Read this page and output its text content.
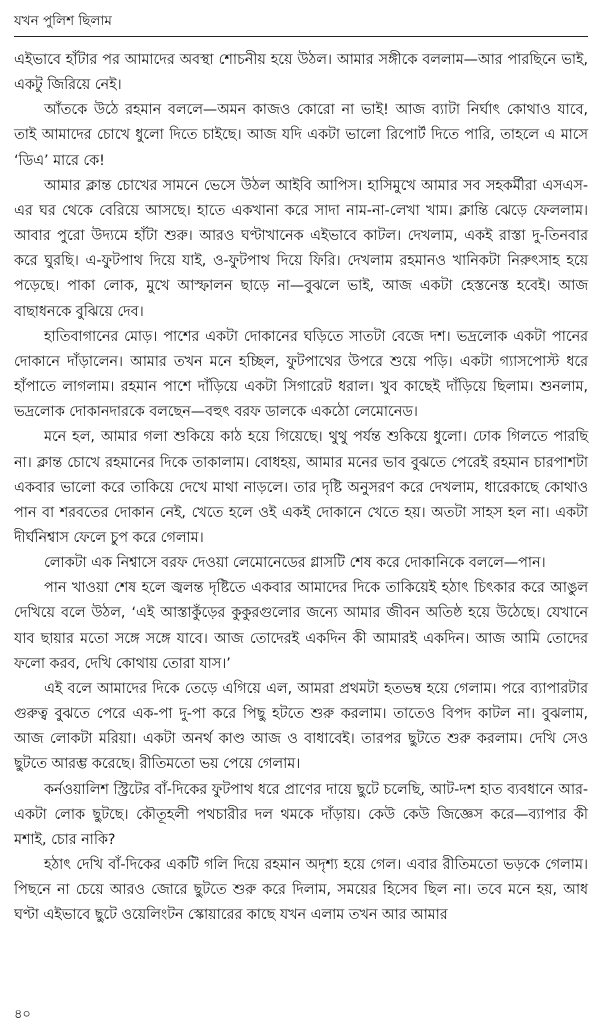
যখন পুলিশ ছিলাম

এইভাবে হাঁটার পর আমাদের অবস্থা শোচনীয় হয়ে উঠল। আমার সঙ্গীকে বললাম—আর পারছিনে ভাই, একটু জিরিয়ে নেই।

আঁতকে উঠে রহমান বললে—অমন কাজও কোরো না ভাই! আজ ব্যাটা নির্ঘাৎ কোথাও যাবে, তাই আমাদের চোখে ধুলো দিতে চাইছে। আজ যদি একটা ভালো রিপোর্ট দিতে পারি, তাহলে এ মাসে ‘ডিএ’ মারে কে!

আমার ক্লান্ত চোখের সামনে ভেসে উঠল আইবি আপিস। হাসিমুখে আমার সব সহকর্মীরা এসএস-এর ঘর থেকে বেরিয়ে আসছে। হাতে একখানা করে সাদা নাম-না-লেখা খাম। ক্লান্তি ঝেড়ে ফেললাম। আবার পুরো উদ্যমে হাঁটা শুরু। আরও ঘণ্টাখানেক এইভাবে কাটল। দেখলাম, একই রাস্তা দু-তিনবার করে ঘুরছি। এ-ফুটপাথ দিয়ে যাই, ও-ফুটপাথ দিয়ে ফিরি। দেখলাম রহমানও খানিকটা নিরুৎসাহ হয়ে পড়েছে। পাকা লোক, মুখে আস্ফালন ছাড়ে না—বুঝলে ভাই, আজ একটা হেস্তনেস্ত হবেই। আজ বাছাধনকে বুঝিয়ে দেব।

হাতিবাগানের মোড়। পাশের একটা দোকানের ঘড়িতে সাতটা বেজে দশ। ভদ্রলোক একটা পানের দোকানে দাঁড়ালেন। আমার তখন মনে হচ্ছিল, ফুটপাথের উপরে শুয়ে পড়ি। একটা গ্যাসপোস্ট ধরে হাঁপাতে লাগলাম। রহমান পাশে দাঁড়িয়ে একটা সিগারেট ধরাল। খুব কাছেই দাঁড়িয়ে ছিলাম। শুনলাম, ভদ্রলোক দোকানদারকে বলছেন—বহুৎ বরফ ডালকে একঠো লেমোনেড।

মনে হল, আমার গলা শুকিয়ে কাঠ হয়ে গিয়েছে। থুথু পর্যন্ত শুকিয়ে ধুলো। ঢোক গিলতে পারছি না। ক্লান্ত চোখে রহমানের দিকে তাকালাম। বোধহয়, আমার মনের ভাব বুঝতে পেরেই রহমান চারপাশটা একবার ভালো করে তাকিয়ে দেখে মাথা নাড়লে। তার দৃষ্টি অনুসরণ করে দেখলাম, ধারেকাছে কোথাও পান বা শরবতের দোকান নেই, খেতে হলে ওই একই দোকানে খেতে হয়। অতটা সাহস হল না। একটা দীর্ঘনিশ্বাস ফেলে চুপ করে গেলাম।

লোকটা এক নিশ্বাসে বরফ দেওয়া লেমোনেডের গ্লাসটি শেষ করে দোকানিকে বললে—পান।

পান খাওয়া শেষ হলে জ্বলন্ত দৃষ্টিতে একবার আমাদের দিকে তাকিয়েই হঠাৎ চিৎকার করে আঙুল দেখিয়ে বলে উঠল, ‘এই আস্তাকুঁড়ের কুকুরগুলোর জন্যে আমার জীবন অতিষ্ঠ হয়ে উঠেছে। যেখানে যাব ছায়ার মতো সঙ্গে সঙ্গে যাবে। আজ তোদেরই একদিন কী আমারই একদিন। আজ আমি তোদের ফলো করব, দেখি কোথায় তোরা যাস।’

এই বলে আমাদের দিকে তেড়ে এগিয়ে এল, আমরা প্রথমটা হতভম্ব হয়ে গেলাম। পরে ব্যাপারটার গুরুত্ব বুঝতে পেরে এক-পা দু-পা করে পিছু হটতে শুরু করলাম। তাতেও বিপদ কাটল না। বুঝলাম, আজ লোকটা মরিয়া। একটা অনর্থ কাণ্ড আজ ও বাধাবেই। তারপর ছুটতে শুরু করলাম। দেখি সেও ছুটতে আরম্ভ করেছে। রীতিমতো ভয় পেয়ে গেলাম।

কর্নওয়ালিশ স্ট্রিটের বাঁ-দিকের ফুটপাথ ধরে প্রাণের দায়ে ছুটে চলেছি, আট-দশ হাত ব্যবধানে আর-একটা লোক ছুটছে। কৌতূহলী পথচারীর দল থমকে দাঁড়ায়। কেউ কেউ জিজ্ঞেস করে—ব্যাপার কী মশাই, চোর নাকি?

হঠাৎ দেখি বাঁ-দিকের একটি গলি দিয়ে রহমান অদৃশ্য হয়ে গেল। এবার রীতিমতো ভড়কে গেলাম। পিছনে না চেয়ে আরও জোরে ছুটতে শুরু করে দিলাম, সময়ের হিসেব ছিল না। তবে মনে হয়, আধ ঘণ্টা এইভাবে ছুটে ওয়েলিংটন স্কোয়ারের কাছে যখন এলাম তখন আর আমার

৪০
